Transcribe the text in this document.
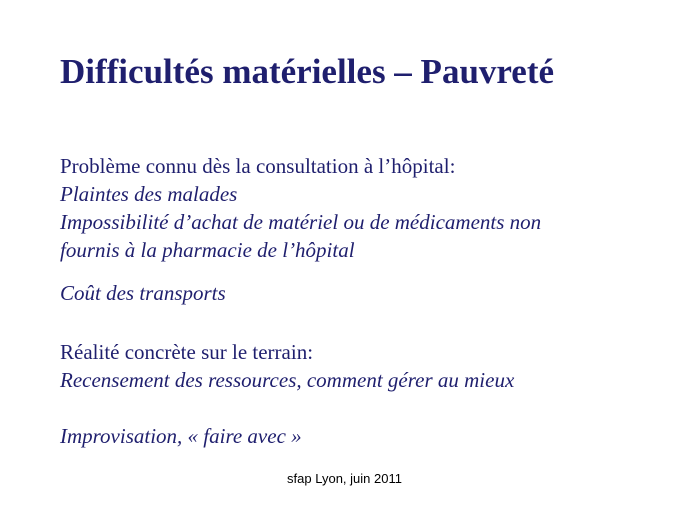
Difficultés matérielles – Pauvreté
Problème connu dès la consultation à l’hôpital:
Plaintes des malades
Impossibilité d’achat de matériel ou de médicaments non
fournis à la pharmacie de l’hôpital
Coût des transports
Réalité concrète sur le terrain:
Recensement des ressources, comment gérer au mieux
Improvisation, « faire avec »
sfap Lyon, juin 2011
